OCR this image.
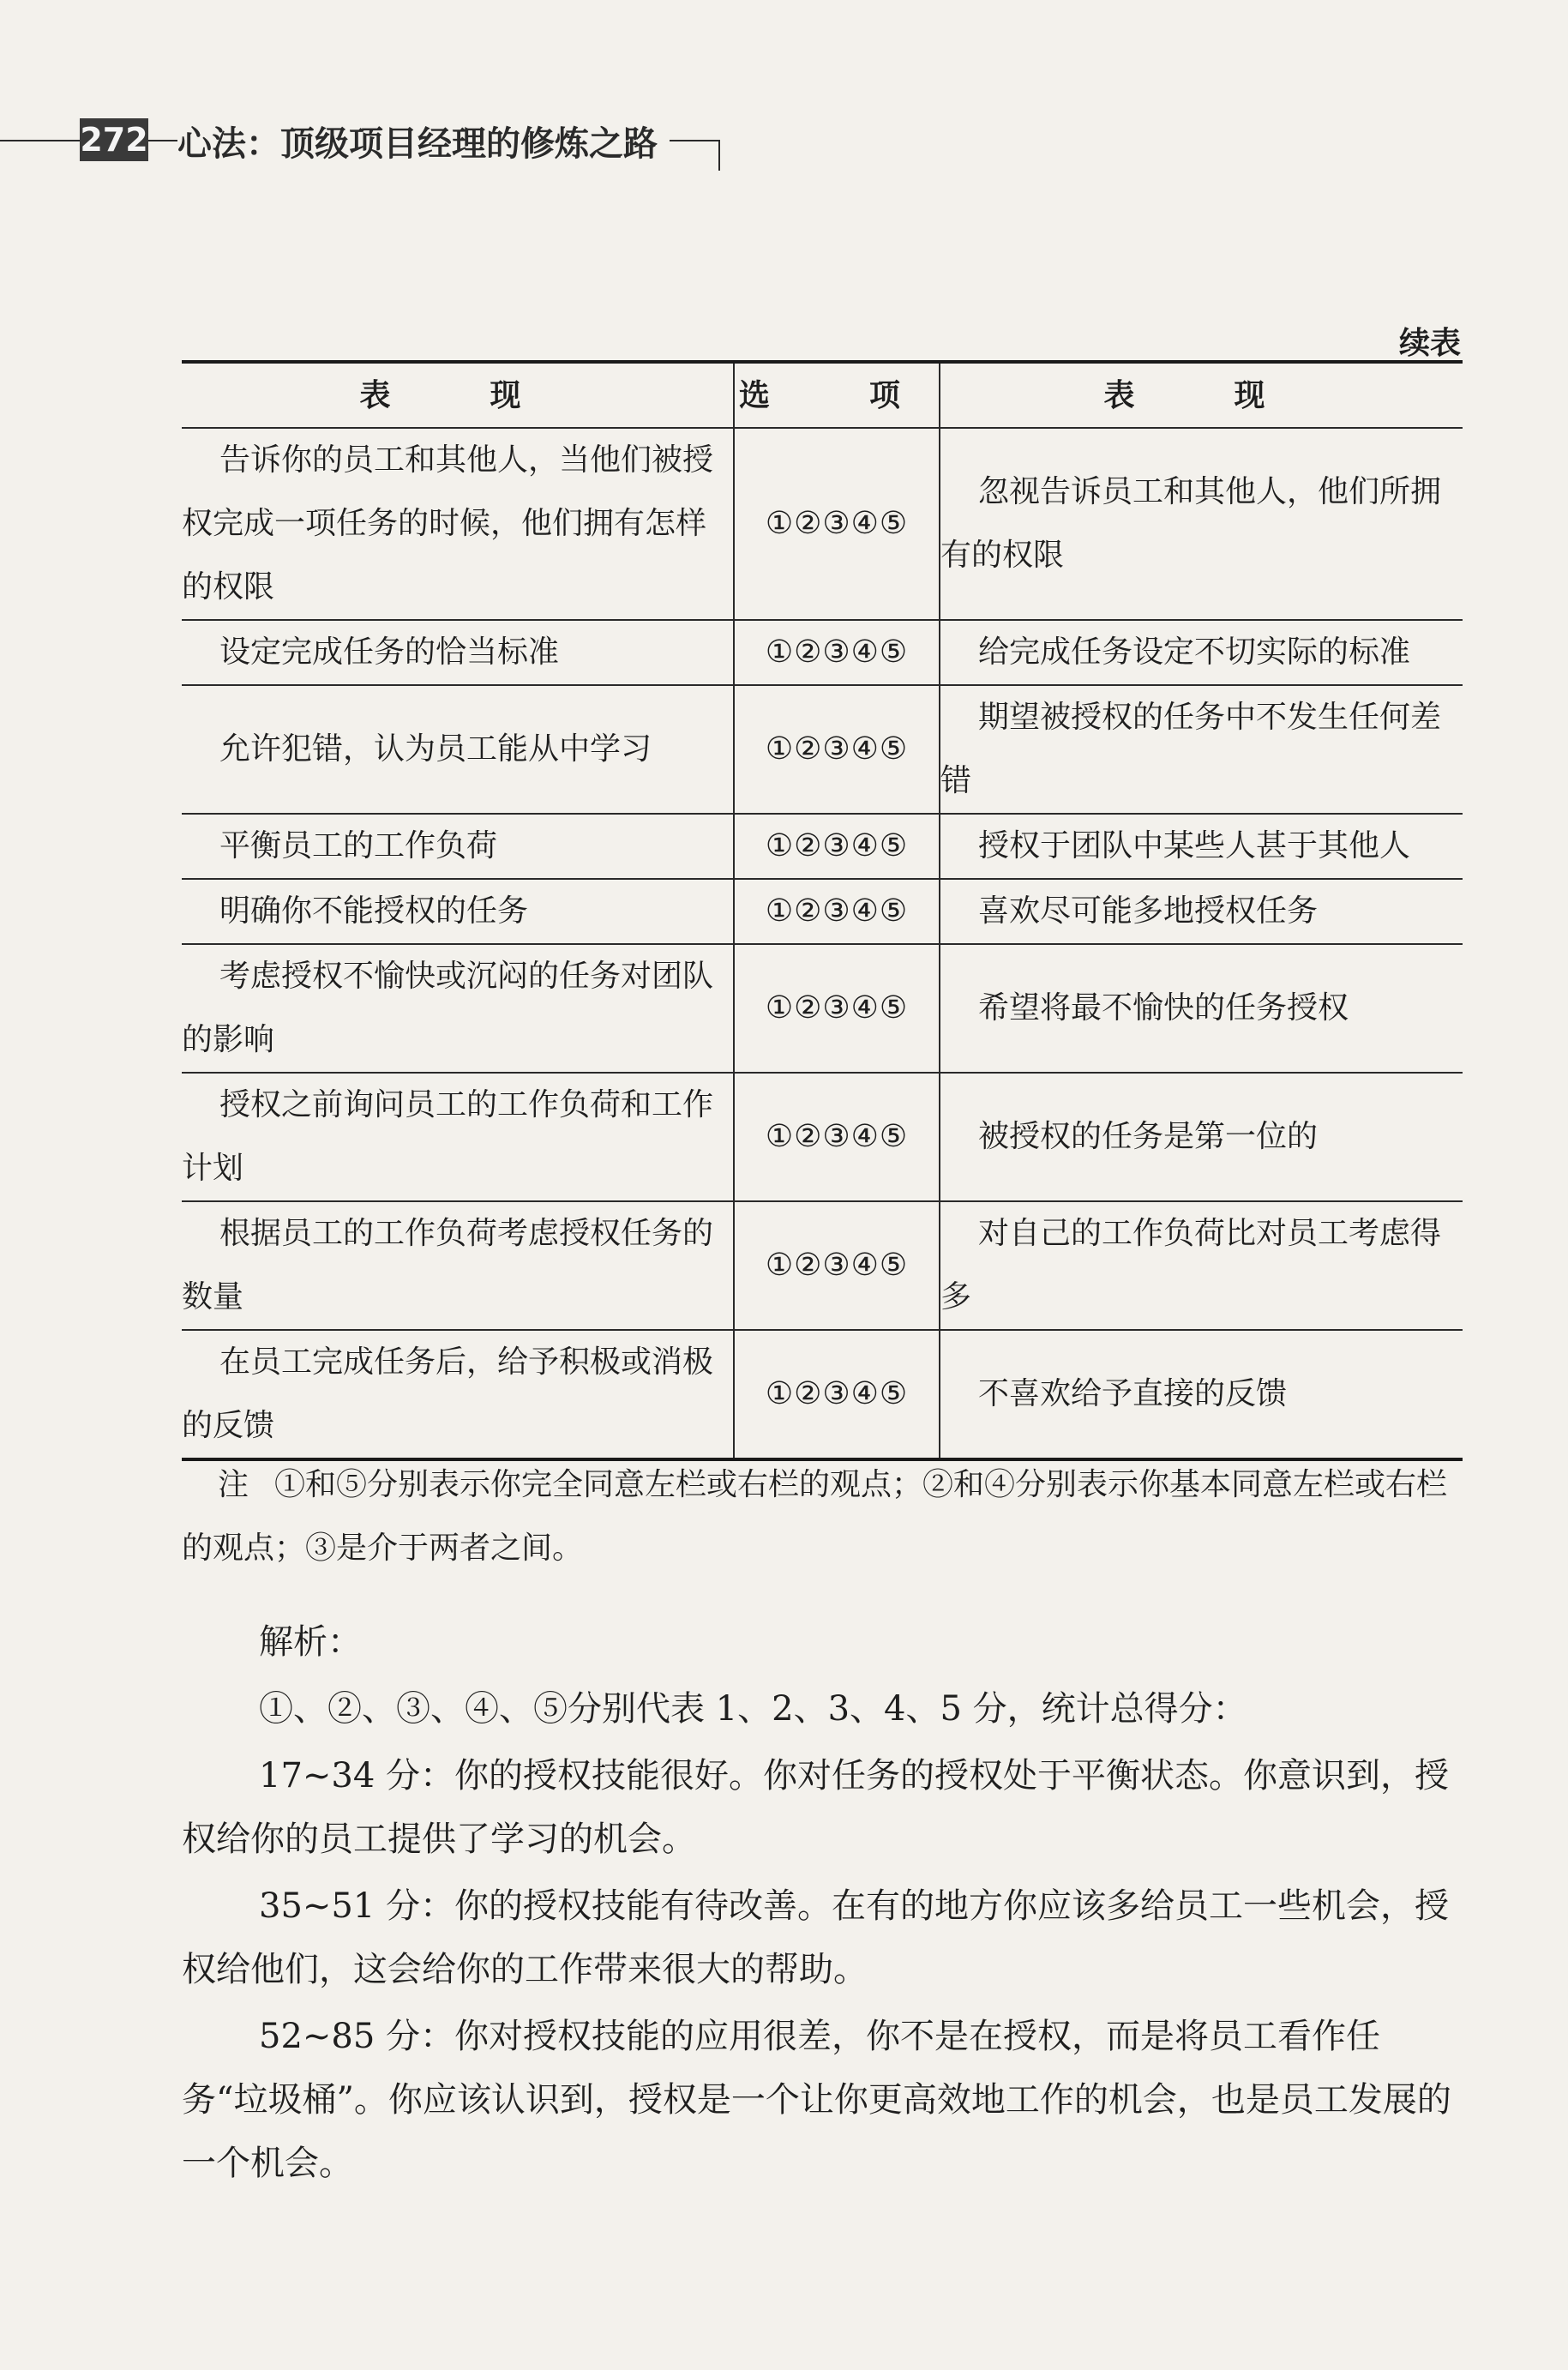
272 心法：顶级项目经理的修炼之路
续表
表　现	选　项	表　现
告诉你的员工和其他人，当他们被授权完成一项任务的时候，他们拥有怎样的权限	①②③④⑤	忽视告诉员工和其他人，他们所拥有的权限
设定完成任务的恰当标准	①②③④⑤	给完成任务设定不切实际的标准
允许犯错，认为员工能从中学习	①②③④⑤	期望被授权的任务中不发生任何差错
平衡员工的工作负荷	①②③④⑤	授权于团队中某些人甚于其他人
明确你不能授权的任务	①②③④⑤	喜欢尽可能多地授权任务
考虑授权不愉快或沉闷的任务对团队的影响	①②③④⑤	希望将最不愉快的任务授权
授权之前询问员工的工作负荷和工作计划	①②③④⑤	被授权的任务是第一位的
根据员工的工作负荷考虑授权任务的数量	①②③④⑤	对自己的工作负荷比对员工考虑得多
在员工完成任务后，给予积极或消极的反馈	①②③④⑤	不喜欢给予直接的反馈
注 ①和⑤分别表示你完全同意左栏或右栏的观点；②和④分别表示你基本同意左栏或右栏的观点；③是介于两者之间。
解析：
①、②、③、④、⑤分别代表 1、2、3、4、5 分，统计总得分：
17~34 分：你的授权技能很好。你对任务的授权处于平衡状态。你意识到，授权给你的员工提供了学习的机会。
35~51 分：你的授权技能有待改善。在有的地方你应该多给员工一些机会，授权给他们，这会给你的工作带来很大的帮助。
52~85 分：你对授权技能的应用很差，你不是在授权，而是将员工看作任务“垃圾桶”。你应该认识到，授权是一个让你更高效地工作的机会，也是员工发展的一个机会。
